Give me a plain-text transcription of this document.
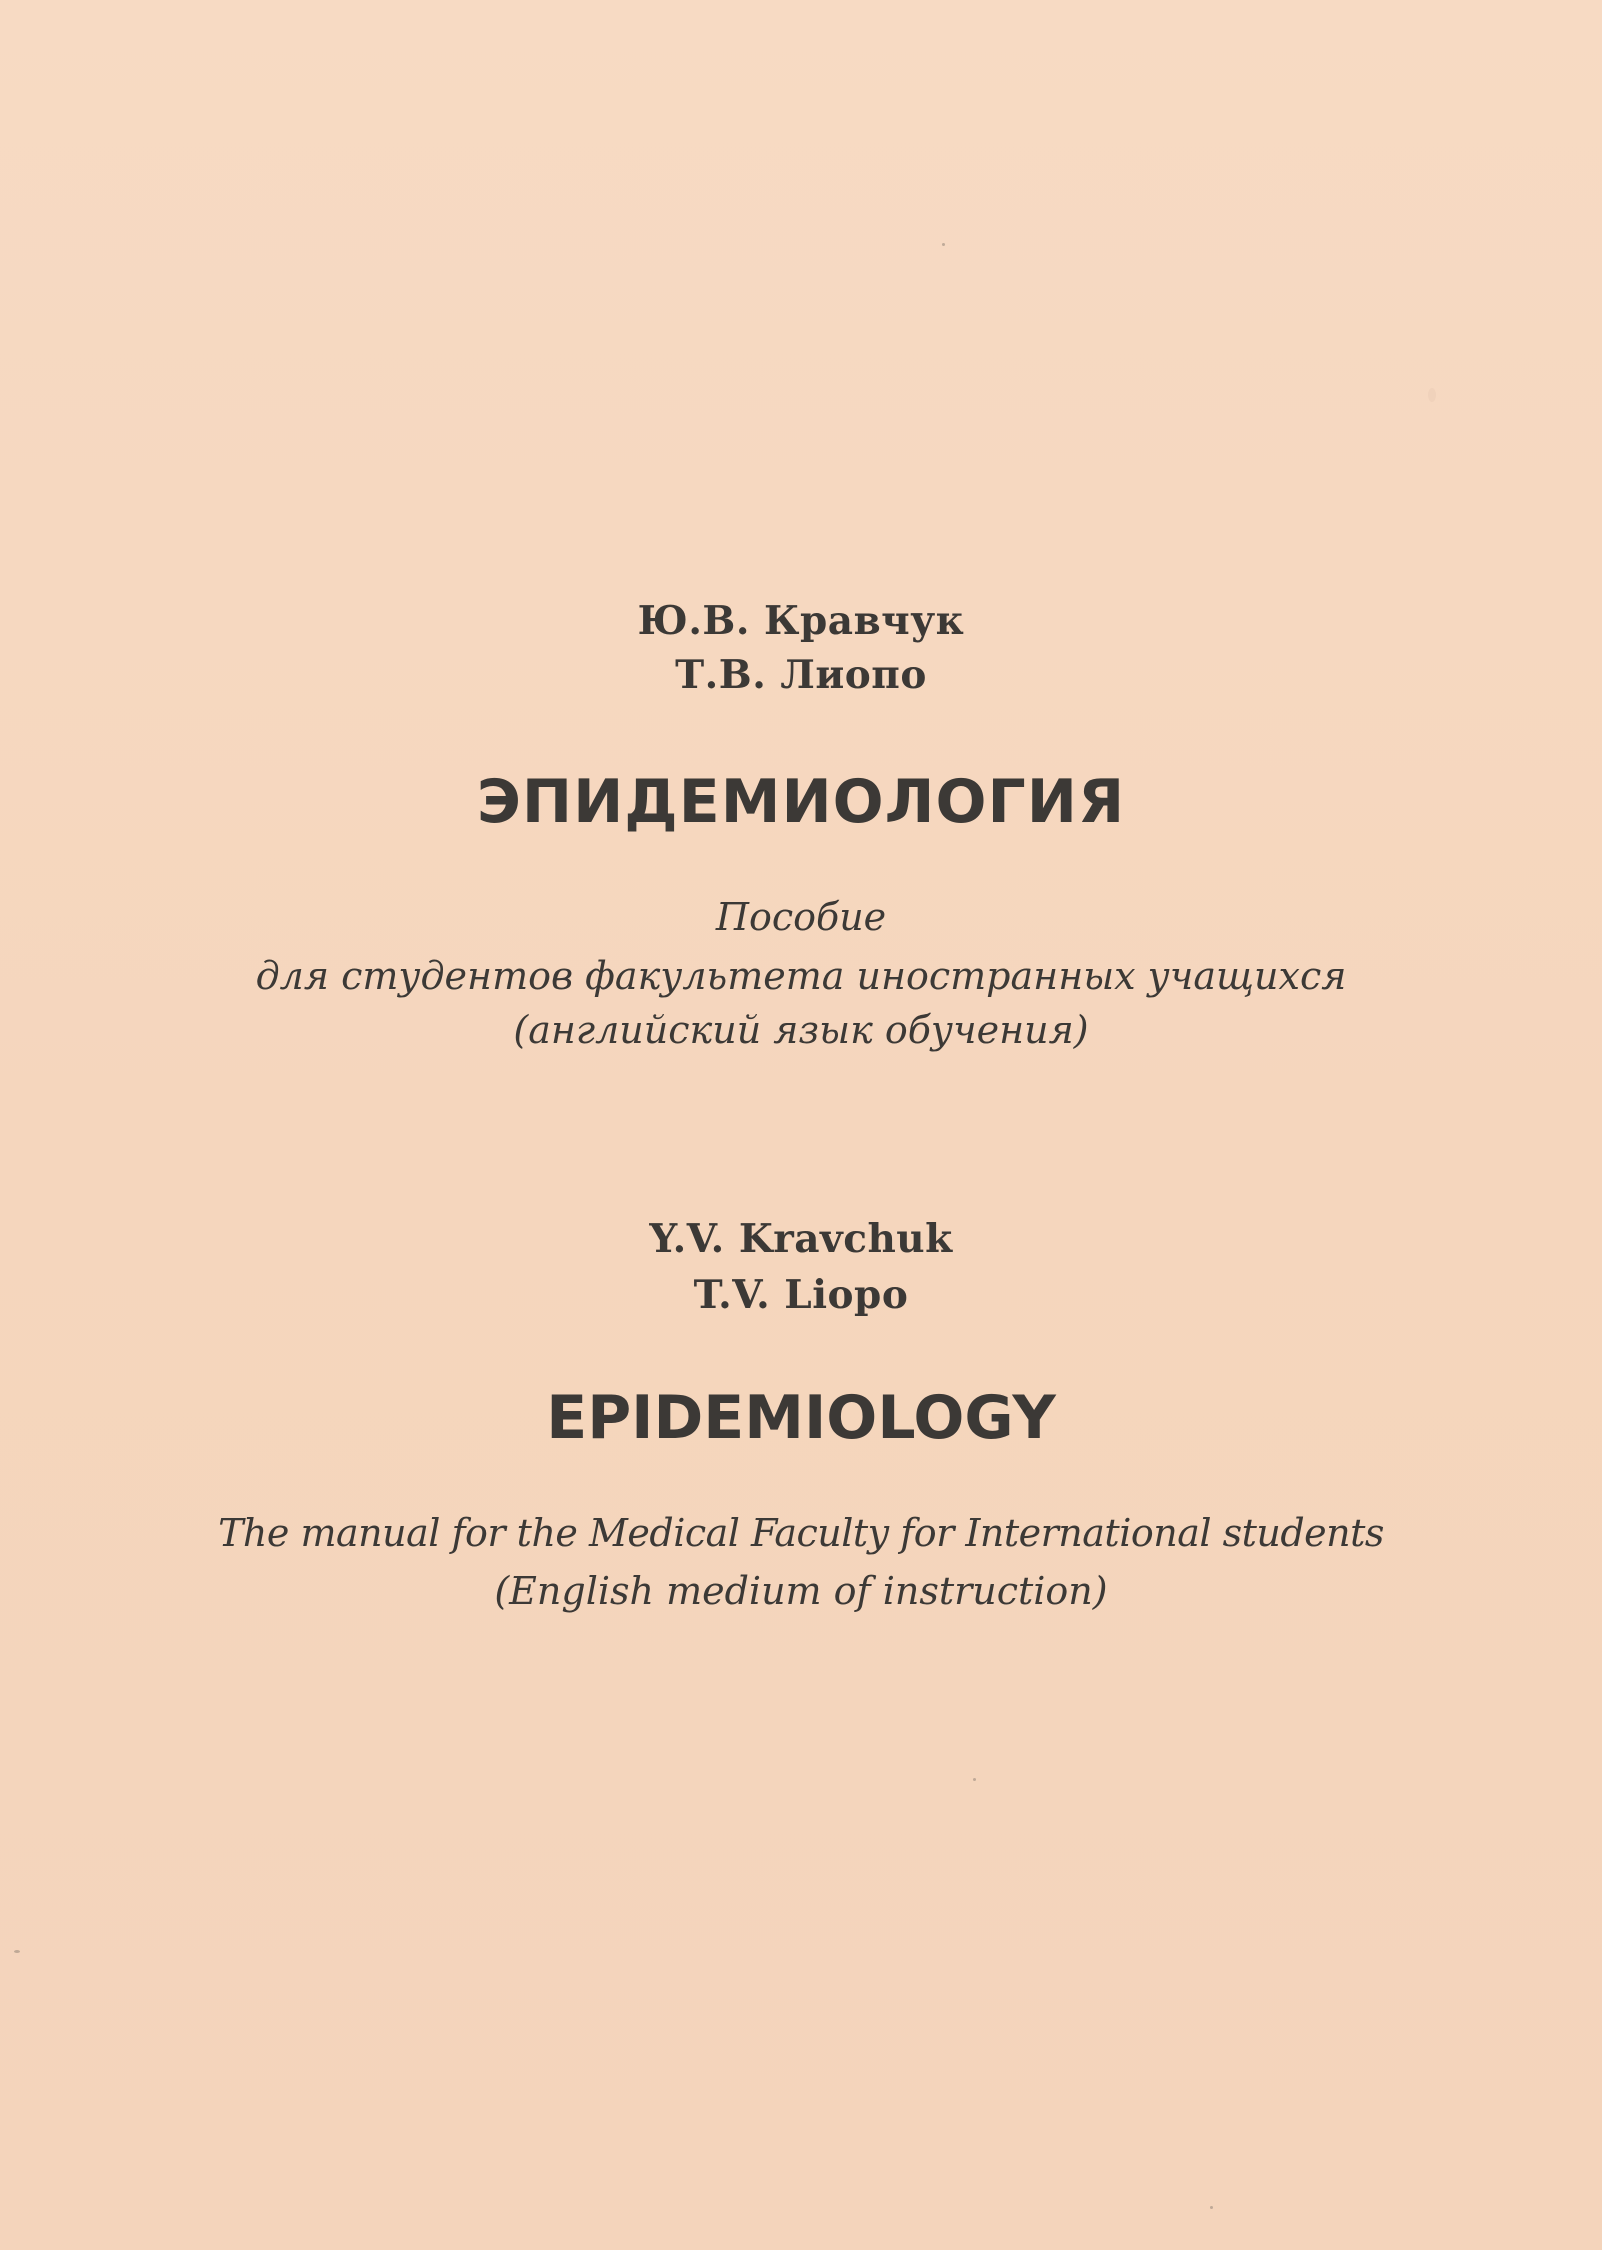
Ю.В. Кравчук
Т.В. Лиопо
ЭПИДЕМИОЛОГИЯ
Пособие
для студентов факультета иностранных учащихся
(английский язык обучения)
Y.V. Kravchuk
T.V. Liopo
EPIDEMIOLOGY
The manual for the Medical Faculty for International students
(English medium of instruction)
